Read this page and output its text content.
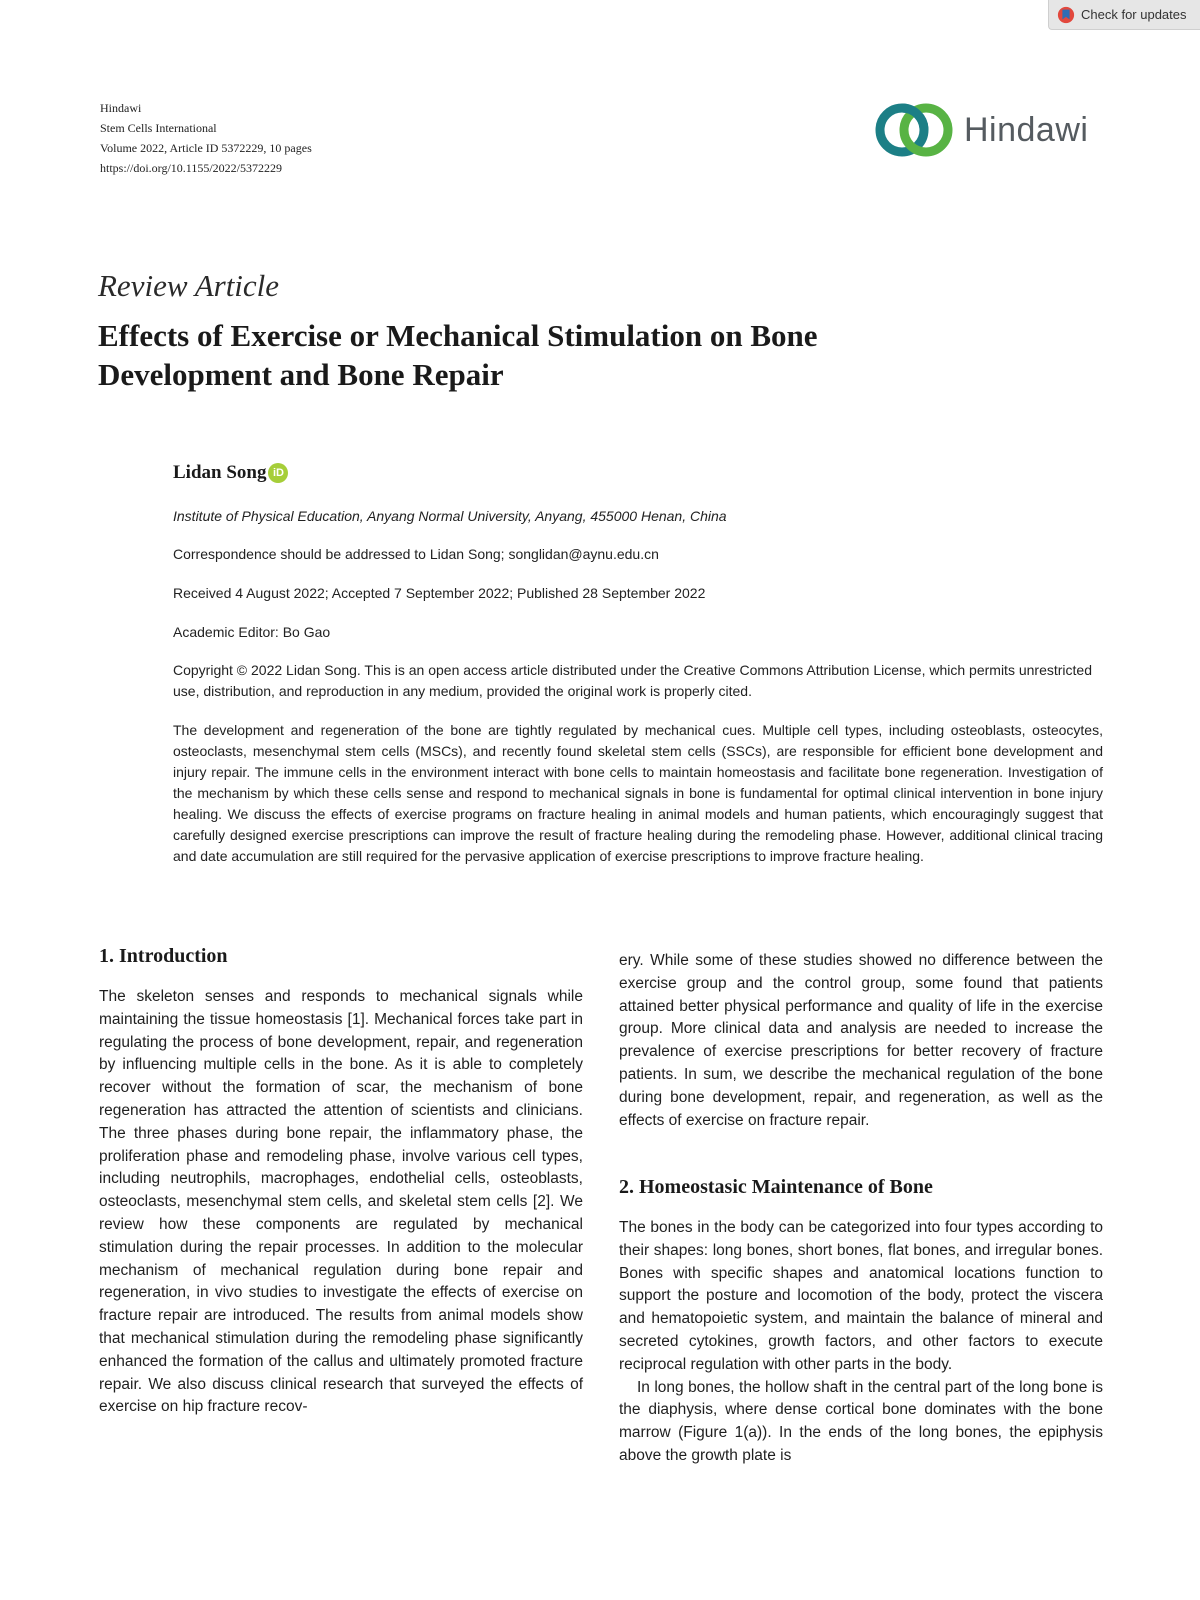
Check for updates
Hindawi
Stem Cells International
Volume 2022, Article ID 5372229, 10 pages
https://doi.org/10.1155/2022/5372229
Hindawi
Review Article
Effects of Exercise or Mechanical Stimulation on Bone Development and Bone Repair
Lidan Song iD
Institute of Physical Education, Anyang Normal University, Anyang, 455000 Henan, China
Correspondence should be addressed to Lidan Song; songlidan@aynu.edu.cn
Received 4 August 2022; Accepted 7 September 2022; Published 28 September 2022
Academic Editor: Bo Gao
Copyright © 2022 Lidan Song. This is an open access article distributed under the Creative Commons Attribution License, which permits unrestricted use, distribution, and reproduction in any medium, provided the original work is properly cited.
The development and regeneration of the bone are tightly regulated by mechanical cues. Multiple cell types, including osteoblasts, osteocytes, osteoclasts, mesenchymal stem cells (MSCs), and recently found skeletal stem cells (SSCs), are responsible for efficient bone development and injury repair. The immune cells in the environment interact with bone cells to maintain homeostasis and facilitate bone regeneration. Investigation of the mechanism by which these cells sense and respond to mechanical signals in bone is fundamental for optimal clinical intervention in bone injury healing. We discuss the effects of exercise programs on fracture healing in animal models and human patients, which encouragingly suggest that carefully designed exercise prescriptions can improve the result of fracture healing during the remodeling phase. However, additional clinical tracing and date accumulation are still required for the pervasive application of exercise prescriptions to improve fracture healing.
1. Introduction

The skeleton senses and responds to mechanical signals while maintaining the tissue homeostasis [1]. Mechanical forces take part in regulating the process of bone development, repair, and regeneration by influencing multiple cells in the bone. As it is able to completely recover without the formation of scar, the mechanism of bone regeneration has attracted the attention of scientists and clinicians. The three phases during bone repair, the inflammatory phase, the proliferation phase and remodeling phase, involve various cell types, including neutrophils, macrophages, endothelial cells, osteoblasts, osteoclasts, mesenchymal stem cells, and skeletal stem cells [2]. We review how these components are regulated by mechanical stimulation during the repair processes. In addition to the molecular mechanism of mechanical regulation during bone repair and regeneration, in vivo studies to investigate the effects of exercise on fracture repair are introduced. The results from animal models show that mechanical stimulation during the remodeling phase significantly enhanced the formation of the callus and ultimately promoted fracture repair. We also discuss clinical research that surveyed the effects of exercise on hip fracture recov-

ery. While some of these studies showed no difference between the exercise group and the control group, some found that patients attained better physical performance and quality of life in the exercise group. More clinical data and analysis are needed to increase the prevalence of exercise prescriptions for better recovery of fracture patients. In sum, we describe the mechanical regulation of the bone during bone development, repair, and regeneration, as well as the effects of exercise on fracture repair.

2. Homeostasic Maintenance of Bone

The bones in the body can be categorized into four types according to their shapes: long bones, short bones, flat bones, and irregular bones. Bones with specific shapes and anatomical locations function to support the posture and locomotion of the body, protect the viscera and hematopoietic system, and maintain the balance of mineral and secreted cytokines, growth factors, and other factors to execute reciprocal regulation with other parts in the body.

In long bones, the hollow shaft in the central part of the long bone is the diaphysis, where dense cortical bone dominates with the bone marrow (Figure 1(a)). In the ends of the long bones, the epiphysis above the growth plate is
